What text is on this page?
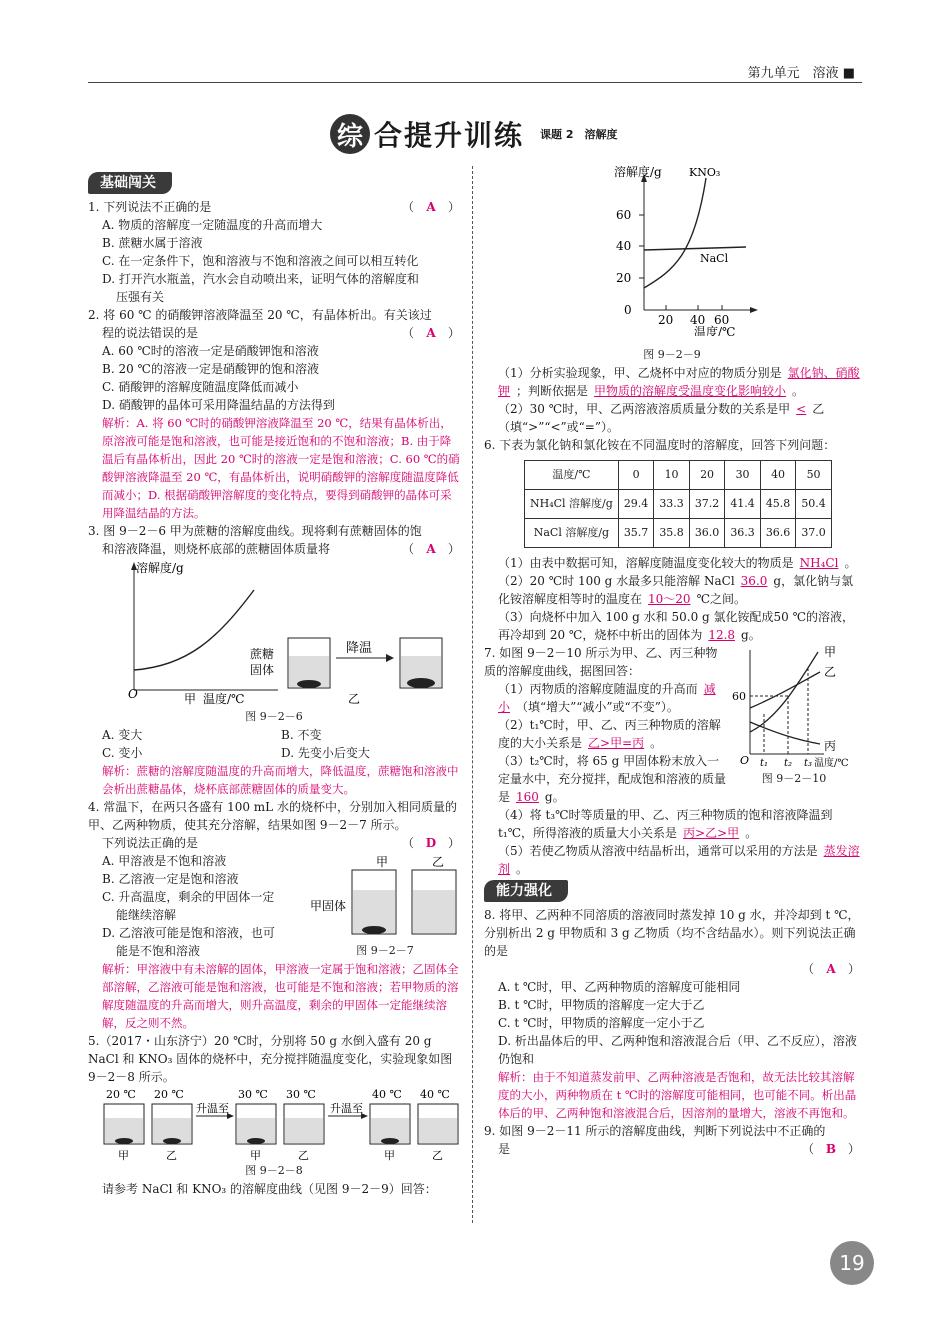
第九单元　溶液 ■
综 合提升训练 课题 2　溶解度
基础闯关
1. 下列说法不正确的是	（ A ）
A. 物质的溶解度一定随温度的升高而增大
B. 蔗糖水属于溶液
C. 在一定条件下，饱和溶液与不饱和溶液之间可以相互转化
D. 打开汽水瓶盖，汽水会自动喷出来，证明气体的溶解度和
压强有关
2. 将 60 ℃ 的硝酸钾溶液降温至 20 ℃，有晶体析出。有关该过
程的说法错误的是	（ A ）
A. 60 ℃时的溶液一定是硝酸钾饱和溶液
B. 20 ℃的溶液一定是硝酸钾的饱和溶液
C. 硝酸钾的溶解度随温度降低而减小
D. 硝酸钾的晶体可采用降温结晶的方法得到
解析：A. 将 60 ℃时的硝酸钾溶液降温至 20 ℃，结果有晶体析出，原溶液可能是饱和溶液，也可能是接近饱和的不饱和溶液；B. 由于降温后有晶体析出，因此 20 ℃时的溶液一定是饱和溶液；C. 60 ℃的硝酸钾溶液降温至 20 ℃，有晶体析出，说明硝酸钾的溶解度随温度降低而减小；D. 根据硝酸钾溶解度的变化特点，要得到硝酸钾的晶体可采用降温结晶的方法。
3. 图 9－2－6 甲为蔗糖的溶解度曲线。现将剩有蔗糖固体的饱
和溶液降温，则烧杯底部的蔗糖固体质量将	（ A ）
溶解度/g
O	温度/℃
蔗糖
固体
降温
甲	乙
图 9－2－6
A. 变大	B. 不变
C. 变小	D. 先变小后变大
解析：蔗糖的溶解度随温度的升高而增大，降低温度，蔗糖饱和溶液中会析出蔗糖晶体，烧杯底部蔗糖固体的质量变大。
4. 常温下，在两只各盛有 100 mL 水的烧杯中，分别加入相同质量的甲、乙两种物质，使其充分溶解，结果如图 9－2－7 所示。
下列说法正确的是	（ D ）
A. 甲溶液是不饱和溶液
B. 乙溶液一定是饱和溶液
C. 升高温度，剩余的甲固体一定
能继续溶解
D. 乙溶液可能是饱和溶液，也可
能是不饱和溶液
甲	乙
甲固体
图 9－2－7
解析：甲溶液中有未溶解的固体，甲溶液一定属于饱和溶液；乙固体全部溶解，乙溶液可能是饱和溶液，也可能是不饱和溶液；若甲物质的溶解度随温度的升高而增大，则升高温度，剩余的甲固体一定能继续溶解，反之则不然。
5.（2017・山东济宁）20 ℃时，分别将 50 g 水倒入盛有 20 g NaCl 和 KNO₃ 固体的烧杯中，充分搅拌随温度变化，实验现象如图 9－2－8 所示。
20 ℃ 20 ℃	30 ℃ 30 ℃	40 ℃ 40 ℃
升温至	升温至
甲	乙	甲	乙	甲	乙
图 9－2－8
请参考 NaCl 和 KNO₃ 的溶解度曲线（见图 9－2－9）回答：
溶解度/g KNO₃
NaCl
60
40
20
0
20 40 60
温度/℃
图 9－2－9
（1）分析实验现象，甲、乙烧杯中对应的物质分别是 氯化钠、硝酸钾 ；判断依据是 甲物质的溶解度受温度变化影响较小 。
（2）30 ℃时，甲、乙两溶液溶质质量分数的关系是甲 < 乙（填“>”“<”或“=”）。
6. 下表为氯化钠和氯化铵在不同温度时的溶解度，回答下列问题：
温度/℃	0	10	20	30	40	50
NH₄Cl 溶解度/g	29.4	33.3	37.2	41.4	45.8	50.4
NaCl 溶解度/g	35.7	35.8	36.0	36.3	36.6	37.0
（1）由表中数据可知，溶解度随温度变化较大的物质是 NH₄Cl 。
（2）20 ℃时 100 g 水最多只能溶解 NaCl 36.0 g，氯化钠与氯化铵溶解度相等时的温度在 10～20 ℃之间。
（3）向烧杯中加入 100 g 水和 50.0 g 氯化铵配成50 ℃的溶液，再冷却到 20 ℃，烧杯中析出的固体为 12.8 g。
7. 如图 9－2－10 所示为甲、乙、丙三种物质的溶解度曲线，据图回答：
（1）丙物质的溶解度随温度的升高而 减小 （填“增大”“减小”或“不变”）。
（2）t₁℃时，甲、乙、丙三种物质的溶解度的大小关系是 乙>甲=丙 。
（3）t₂℃时，将 65 g 甲固体粉末放入一定量水中，充分搅拌，配成饱和溶液的质量是 160 g。
甲
乙
丙
60
O t₁ t₂ t₃ 温度/℃
图 9－2－10
（4）将 t₃℃时等质量的甲、乙、丙三种物质的饱和溶液降温到 t₁℃，所得溶液的质量大小关系是 丙>乙>甲 。
（5）若使乙物质从溶液中结晶析出，通常可以采用的方法是 蒸发溶剂 。
能力强化
8. 将甲、乙两种不同溶质的溶液同时蒸发掉 10 g 水，并冷却到 t ℃，分别析出 2 g 甲物质和 3 g 乙物质（均不含结晶水）。则下列说法正确的是
（ A ）
A. t ℃时，甲、乙两种物质的溶解度可能相同
B. t ℃时，甲物质的溶解度一定大于乙
C. t ℃时，甲物质的溶解度一定小于乙
D. 析出晶体后的甲、乙两种饱和溶液混合后（甲、乙不反应），溶液仍饱和
解析：由于不知道蒸发前甲、乙两种溶液是否饱和，故无法比较其溶解度的大小，两种物质在 t ℃时的溶解度可能相同，也可能不同。析出晶体后的甲、乙两种饱和溶液混合后，因溶剂的量增大，溶液不再饱和。
9. 如图 9－2－11 所示的溶解度曲线，判断下列说法中不正确的
是	（ B ）
19
